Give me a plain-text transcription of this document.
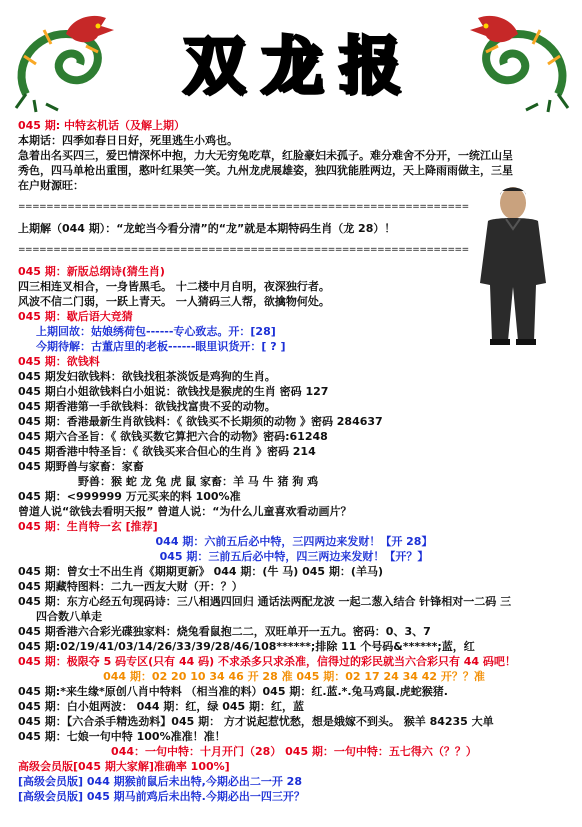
双龙报

045 期: 中特玄机话（及解上期）

本期话：四季如春日日好，死里逃生小鸡也。

急着出名买四三，爱巴情深怀中抱，力大无穷兔吃草，红脸豪妇未孤子。难分难舍不分开，一统江山呈

秀色，四马单枪出重围，憨叶红果笑一笑。九州龙虎展雄姿，独四犹能胜两边，天上降雨雨做主，三星

在户财源旺：

================================================================

上期解（044 期）：“龙蛇当今看分清”的“龙”就是本期特码生肖（龙 28）！

================================================================

045 期：新版总纲诗(猜生肖)

四三相连叉相合，一身皆黑毛。 十二楼中月自明，夜深独行者。

风波不信二门弱，一跃上青天。 一人猜码三人帮，欲擒物何处。

045 期：歇后语大竞猜

上期回故：姑娘绣荷包------专心致志。开：[28]

今期待解：古董店里的老板------眼里识货开：[ ? ]

045 期：欲钱料

045 期发妇欲钱料：欲钱找租茶淡饭是鸡狗的生肖。

045 期白小姐欲钱料白小姐说：欲钱找是猴虎的生肖 密码 127

045 期香港第一手欲钱料：欲钱找富贵不妥的动物。

045 期：香港最新生肖欲钱料：《 欲钱买不长期须的动物 》密码 284637

045 期六合圣旨：《 欲钱买数它算把六合的动物》密码:61248

045 期香港中特圣旨：《 欲钱买来合但心的生肖 》密码 214

045 期野兽与家畜：家畜

野兽：猴 蛇 龙 兔 虎 鼠 家畜：羊 马 牛 猪 狗 鸡

045 期：<999999 万元买来的料 100%准

曾道人说“欲钱去看明天报” 曾道人说：“为什么儿童喜欢看动画片？

045 期：生肖特一玄 [推荐]

044 期：六前五后必中特，三四两边来发财！【开 28】

045 期：三前五后必中特，四三两边来发财！【开？】

045 期：曾女士不出生肖《期期更新》 044 期：(牛 马) 045 期：(羊马)

045 期藏特图料：二九一西友大财（开：？）

045 期：东方心经五句现码诗：三八相遇四回归 通话法两配龙波 一起二葱入结合 针锋相对一二码 三

四合数八单走

045 期香港六合彩光碟独家料：烧兔看鼠抱二二，双旺单开一五九。密码：0、3、7

045 期:02/19/41/03/14/26/33/39/28/46/108******;排除 11 个号码&******;蓝，红

045 期：极限夺 5 码专区(只有 44 码) 不求杀多只求杀准，信得过的彩民就当六合彩只有 44 码吧！

044 期：02 20 10 34 46 开 28 准 045 期：02 17 24 34 42 开？？准

045 期:*来生缘*原创八肖中特料 （相当准的料）045 期：红.蓝.*.兔马鸡鼠.虎蛇猴猪.

045 期：白小姐两波： 044 期：红，绿 045 期：红，蓝

045 期：【六合杀手精选劲料】045 期： 方才说起惹忧愁，想是娥嫁不到头。 猴羊 84235 大单

045 期：七娘一句中特 100%准准！准！

044：一句中特：十月开门（28） 045 期：一句中特：五七得六（？？）

高级会员版[045 期大家解]准确率 100%]

[高级会员版] 044 期猴前鼠后未出特,今期必出二一开 28

[高级会员版] 045 期马前鸡后未出特.今期必出一四三开？
